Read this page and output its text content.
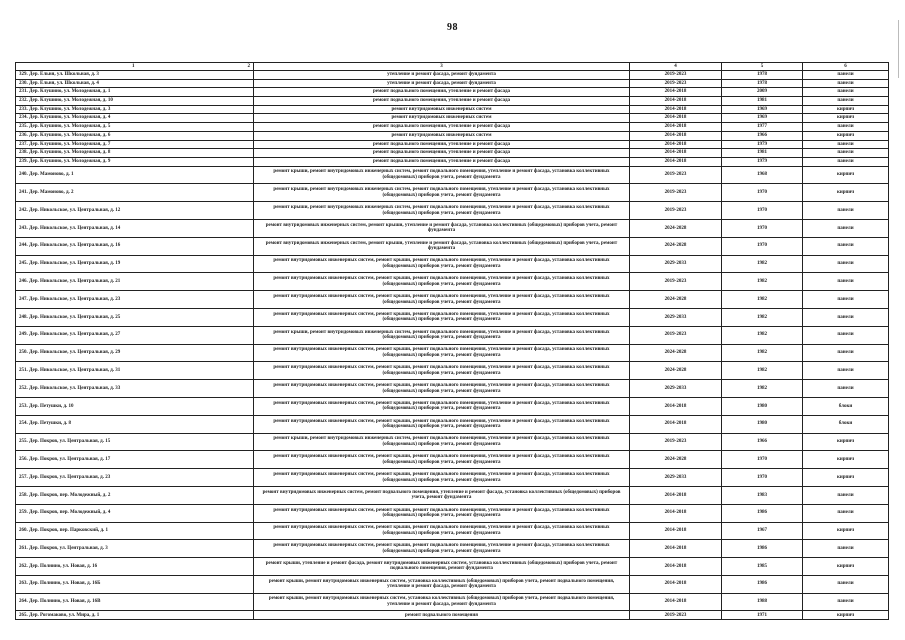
98
1 2	3	4	5	6
329. Дер. Ельня, ул. Школьная, д. 3	утепление и ремонт фасада, ремонт фундамента	2019-2023	1978	панели
230. Дер. Ельня, ул. Школьная, д. 4	утепление и ремонт фасада, ремонт фундамента	2019-2023	1978	панели
231. Дер. Клушино, ул. Молодежная, д. 1	ремонт подвального помещения, утепление и ремонт фасада	2014-2018	2009	панели
232. Дер. Клушино, ул. Молодежная, д. 10	ремонт подвального помещения, утепление и ремонт фасада	2014-2018	1981	панели
233. Дер. Клушино, ул. Молодежная, д. 3	ремонт внутридомовых инженерных систем	2014-2018	1969	кирпич
234. Дер. Клушино, ул. Молодежная, д. 4	ремонт внутридомовых инженерных систем	2014-2018	1969	кирпич
235. Дер. Клушино, ул. Молодежная, д. 5	ремонт подвального помещения, утепление и ремонт фасада	2014-2018	1977	панели
236. Дер. Клушино, ул. Молодежная, д. 6	ремонт внутридомовых инженерных систем	2014-2018	1966	кирпич
237. Дер. Клушино, ул. Молодежная, д. 7	ремонт подвального помещения, утепление и ремонт фасада	2014-2018	1979	панели
238. Дер. Клушино, ул. Молодежная, д. 8	ремонт подвального помещения, утепление и ремонт фасада	2014-2018	1981	панели
239. Дер. Клушино, ул. Молодежная, д. 9	ремонт подвального помещения, утепление и ремонт фасада	2014-2018	1979	панели
240. Дер. Мамоново, д. 1	ремонт крыши, ремонт внутридомовых инженерных систем, ремонт подвального помещения, утепление и ремонт фасада, установка коллективных (общедомовых) приборов учета, ремонт фундамента	2019-2023	1968	кирпич
241. Дер. Мамоново, д. 2	ремонт крыши, ремонт внутридомовых инженерных систем, ремонт подвального помещения, утепление и ремонт фасада, установка коллективных (общедомовых) приборов учета, ремонт фундамента	2019-2023	1970	кирпич
242. Дер. Никольское, ул. Центральная, д. 12	ремонт крыши, ремонт внутридомовых инженерных систем, ремонт подвального помещения, утепление и ремонт фасада, установка коллективных (общедомовых) приборов учета, ремонт фундамента	2019-2023	1970	панели
243. Дер. Никольское, ул. Центральная, д. 14	ремонт внутридомовых инженерных систем, ремонт крыши, утепление и ремонт фасада, установка коллективных (общедомовых) приборов учета, ремонт фундамента	2024-2028	1970	панели
244. Дер. Никольское, ул. Центральная, д. 16	ремонт внутридомовых инженерных систем, ремонт крыши, утепление и ремонт фасада, установка коллективных (общедомовых) приборов учета, ремонт фундамента	2024-2028	1970	панели
245. Дер. Никольское, ул. Центральная, д. 19	ремонт внутридомовых инженерных систем, ремонт крыши, ремонт подвального помещения, утепление и ремонт фасада, установка коллективных (общедомовых) приборов учета, ремонт фундамента	2029-2033	1982	панели
246. Дер. Никольское, ул. Центральная, д. 21	ремонт внутридомовых инженерных систем, ремонт крыши, ремонт подвального помещения, утепление и ремонт фасада, установка коллективных (общедомовых) приборов учета, ремонт фундамента	2019-2023	1982	панели
247. Дер. Никольское, ул. Центральная, д. 23	ремонт внутридомовых инженерных систем, ремонт крыши, ремонт подвального помещения, утепление и ремонт фасада, установка коллективных (общедомовых) приборов учета, ремонт фундамента	2024-2028	1982	панели
248. Дер. Никольское, ул. Центральная, д. 25	ремонт внутридомовых инженерных систем, ремонт крыши, ремонт подвального помещения, утепление и ремонт фасада, установка коллективных (общедомовых) приборов учета, ремонт фундамента	2029-2033	1982	панели
249. Дер. Никольское, ул. Центральная, д. 27	ремонт крыши, ремонт внутридомовых инженерных систем, ремонт подвального помещения, утепление и ремонт фасада, установка коллективных (общедомовых) приборов учета, ремонт фундамента	2019-2023	1982	панели
250. Дер. Никольское, ул. Центральная, д. 29	ремонт внутридомовых инженерных систем, ремонт крыши, ремонт подвального помещения, утепление и ремонт фасада, установка коллективных (общедомовых) приборов учета, ремонт фундамента	2024-2028	1982	панели
251. Дер. Никольское, ул. Центральная, д. 31	ремонт внутридомовых инженерных систем, ремонт крыши, ремонт подвального помещения, утепление и ремонт фасада, установка коллективных (общедомовых) приборов учета, ремонт фундамента	2024-2028	1982	панели
252. Дер. Никольское, ул. Центральная, д. 33	ремонт внутридомовых инженерных систем, ремонт крыши, ремонт подвального помещения, утепление и ремонт фасада, установка коллективных (общедомовых) приборов учета, ремонт фундамента	2029-2033	1982	панели
253. Дер. Петушки, д. 10	ремонт внутридомовых инженерных систем, ремонт крыши, ремонт подвального помещения, утепление и ремонт фасада, установка коллективных (общедомовых) приборов учета, ремонт фундамента	2014-2018	1980	блоки
254. Дер. Петушки, д. 8	ремонт внутридомовых инженерных систем, ремонт крыши, ремонт подвального помещения, утепление и ремонт фасада, установка коллективных (общедомовых) приборов учета, ремонт фундамента	2014-2018	1980	блоки
255. Дер. Покров, ул. Центральная, д. 15	ремонт крыши, ремонт внутридомовых инженерных систем, ремонт подвального помещения, утепление и ремонт фасада, установка коллективных (общедомовых) приборов учета, ремонт фундамента	2019-2023	1966	кирпич
256. Дер. Покров, ул. Центральная, д. 17	ремонт внутридомовых инженерных систем, ремонт крыши, ремонт подвального помещения, утепление и ремонт фасада, установка коллективных (общедомовых) приборов учета, ремонт фундамента	2024-2028	1970	кирпич
257. Дер. Покров, ул. Центральная, д. 23	ремонт внутридомовых инженерных систем, ремонт крыши, ремонт подвального помещения, утепление и ремонт фасада, установка коллективных (общедомовых) приборов учета, ремонт фундамента	2029-2033	1970	кирпич
258. Дер. Покров, пер. Молодежный, д. 2	ремонт внутридомовых инженерных систем, ремонт подвального помещения, утепление и ремонт фасада, установка коллективных (общедомовых) приборов учета, ремонт фундамента	2014-2018	1983	панели
259. Дер. Покров, пер. Молодежный, д. 4	ремонт внутридомовых инженерных систем, ремонт крыши, ремонт подвального помещения, утепление и ремонт фасада, установка коллективных (общедомовых) приборов учета, ремонт фундамента	2014-2018	1986	панели
260. Дер. Покров, пер. Парковский, д. 1	ремонт внутридомовых инженерных систем, ремонт крыши, ремонт подвального помещения, утепление и ремонт фасада, установка коллективных (общедомовых) приборов учета, ремонт фундамента	2014-2018	1967	кирпич
261. Дер. Покров, ул. Центральная, д. 3	ремонт внутридомовых инженерных систем, ремонт крыши, ремонт подвального помещения, утепление и ремонт фасада, установка коллективных (общедомовых) приборов учета, ремонт фундамента	2014-2018	1986	панели
262. Дер. Полнино, ул. Новая, д. 16	ремонт крыши, утепление и ремонт фасада, ремонт внутридомовых инженерных систем, установка коллективных (общедомовых) приборов учета, ремонт подвального помещения, ремонт фундамента	2014-2018	1985	кирпич
263. Дер. Полнино, ул. Новая, д. 16Б	ремонт крыши, ремонт внутридомовых инженерных систем, установка коллективных (общедомовых) приборов учета, ремонт подвального помещения, утепление и ремонт фасада, ремонт фундамента	2014-2018	1986	панели
264. Дер. Полнино, ул. Новая, д. 16В	ремонт крыши, ремонт внутридомовых инженерных систем, установка коллективных (общедомовых) приборов учета, ремонт подвального помещения, утепление и ремонт фасада, ремонт фундамента	2014-2018	1988	панели
265. Дер. Рогомаково, ул. Мира, д. 1	ремонт подвального помещения	2019-2023	1971	кирпич
